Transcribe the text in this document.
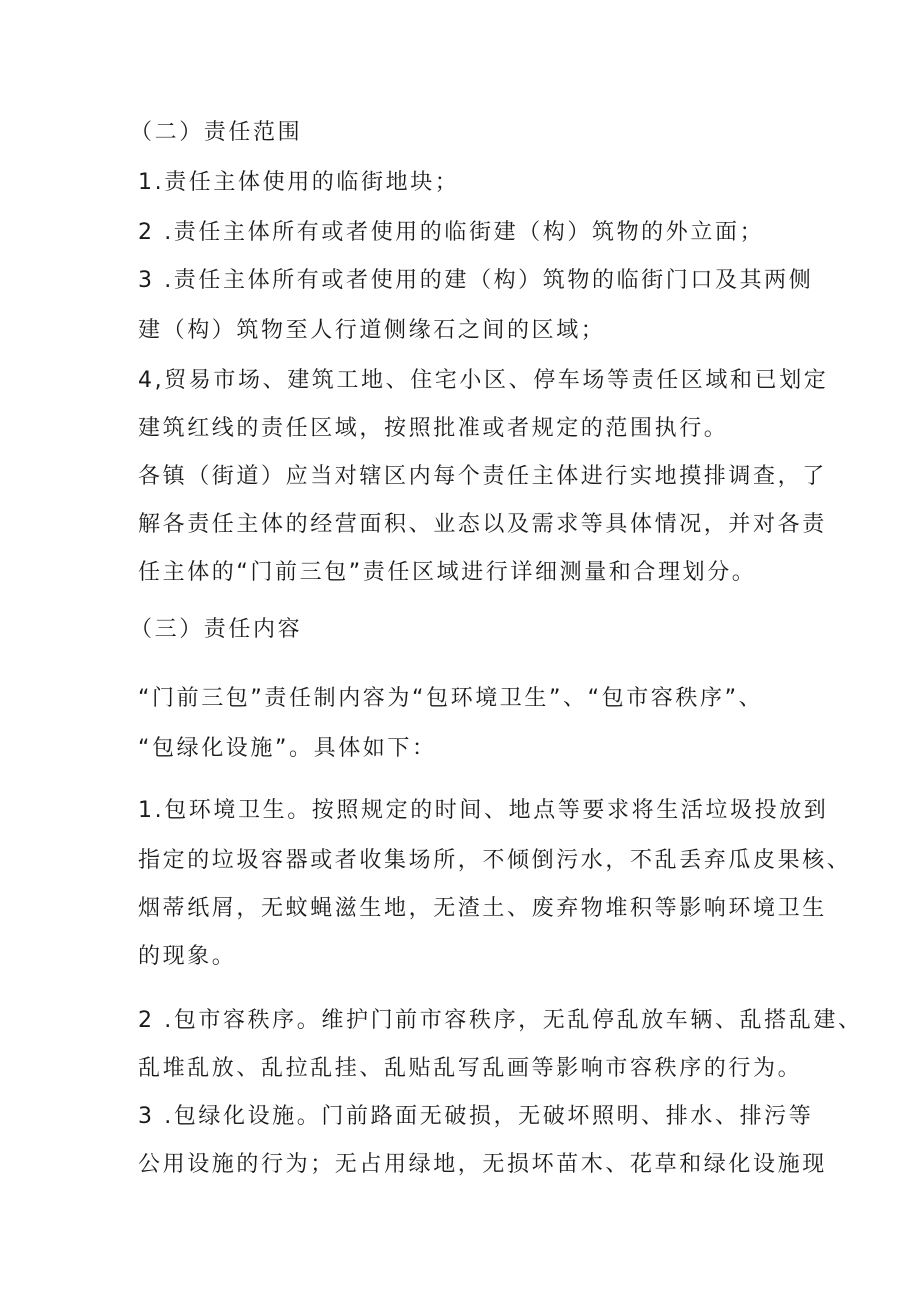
（二）责任范围
1.责任主体使用的临街地块；
2 .责任主体所有或者使用的临街建（构）筑物的外立面；
3 .责任主体所有或者使用的建（构）筑物的临街门口及其两侧
建（构）筑物至人行道侧缘石之间的区域；
4,贸易市场、建筑工地、住宅小区、停车场等责任区域和已划定
建筑红线的责任区域，按照批准或者规定的范围执行。
各镇（街道）应当对辖区内每个责任主体进行实地摸排调查，了
解各责任主体的经营面积、业态以及需求等具体情况，并对各责
任主体的“门前三包”责任区域进行详细测量和合理划分。
（三）责任内容
“门前三包”责任制内容为“包环境卫生”、“包市容秩序”、
“包绿化设施”。具体如下：
1.包环境卫生。按照规定的时间、地点等要求将生活垃圾投放到
指定的垃圾容器或者收集场所，不倾倒污水，不乱丢弃瓜皮果核、
烟蒂纸屑，无蚊蝇滋生地，无渣土、废弃物堆积等影响环境卫生
的现象。
2 .包市容秩序。维护门前市容秩序，无乱停乱放车辆、乱搭乱建、
乱堆乱放、乱拉乱挂、乱贴乱写乱画等影响市容秩序的行为。
3 .包绿化设施。门前路面无破损，无破坏照明、排水、排污等
公用设施的行为；无占用绿地，无损坏苗木、花草和绿化设施现
